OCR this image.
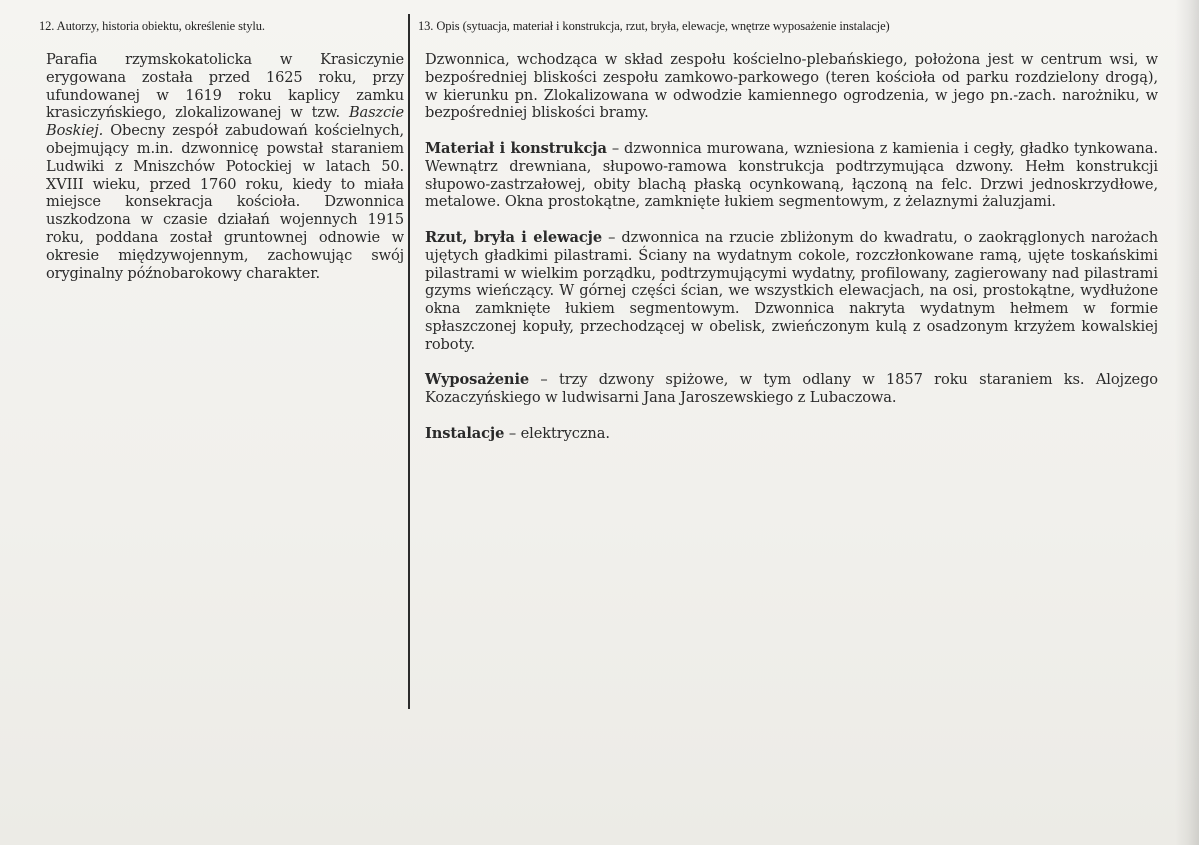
12. Autorzy, historia obiektu, określenie stylu.	13. Opis (sytuacja, materiał i konstrukcja, rzut, bryła, elewacje, wnętrze wyposażenie instalacje)

Parafia rzymskokatolicka w Krasiczynie erygowana została przed 1625 roku, przy ufundowanej w 1619 roku kaplicy zamku krasiczyńskiego, zlokalizowanej w tzw. Baszcie Boskiej. Obecny zespół zabudowań kościelnych, obejmujący m.in. dzwonnicę powstał staraniem Ludwiki z Mniszchów Potockiej w latach 50. XVIII wieku, przed 1760 roku, kiedy to miała miejsce konsekracja kościoła. Dzwonnica uszkodzona w czasie działań wojennych 1915 roku, poddana został gruntownej odnowie w okresie międzywojennym, zachowując swój oryginalny późnobarokowy charakter.

Dzwonnica, wchodząca w skład zespołu kościelno-plebańskiego, położona jest w centrum wsi, w bezpośredniej bliskości zespołu zamkowo-parkowego (teren kościoła od parku rozdzielony drogą), w kierunku pn. Zlokalizowana w odwodzie kamiennego ogrodzenia, w jego pn.-zach. narożniku, w bezpośredniej bliskości bramy.

Materiał i konstrukcja – dzwonnica murowana, wzniesiona z kamienia i cegły, gładko tynkowana. Wewnątrz drewniana, słupowo-ramowa konstrukcja podtrzymująca dzwony. Hełm konstrukcji słupowo-zastrzałowej, obity blachą płaską ocynkowaną, łączoną na felc. Drzwi jednoskrzydłowe, metalowe. Okna prostokątne, zamknięte łukiem segmentowym, z żelaznymi żaluzjami.

Rzut, bryła i elewacje – dzwonnica na rzucie zbliżonym do kwadratu, o zaokrąglonych narożach ujętych gładkimi pilastrami. Ściany na wydatnym cokole, rozczłonkowane ramą, ujęte toskańskimi pilastrami w wielkim porządku, podtrzymującymi wydatny, profilowany, zagierowany nad pilastrami gzyms wieńczący. W górnej części ścian, we wszystkich elewacjach, na osi, prostokątne, wydłużone okna zamknięte łukiem segmentowym. Dzwonnica nakryta wydatnym hełmem w formie spłaszczonej kopuły, przechodzącej w obelisk, zwieńczonym kulą z osadzonym krzyżem kowalskiej roboty.

Wyposażenie – trzy dzwony spiżowe, w tym odlany w 1857 roku staraniem ks. Alojzego Kozaczyńskiego w ludwisarni Jana Jaroszewskiego z Lubaczowa.

Instalacje – elektryczna.
